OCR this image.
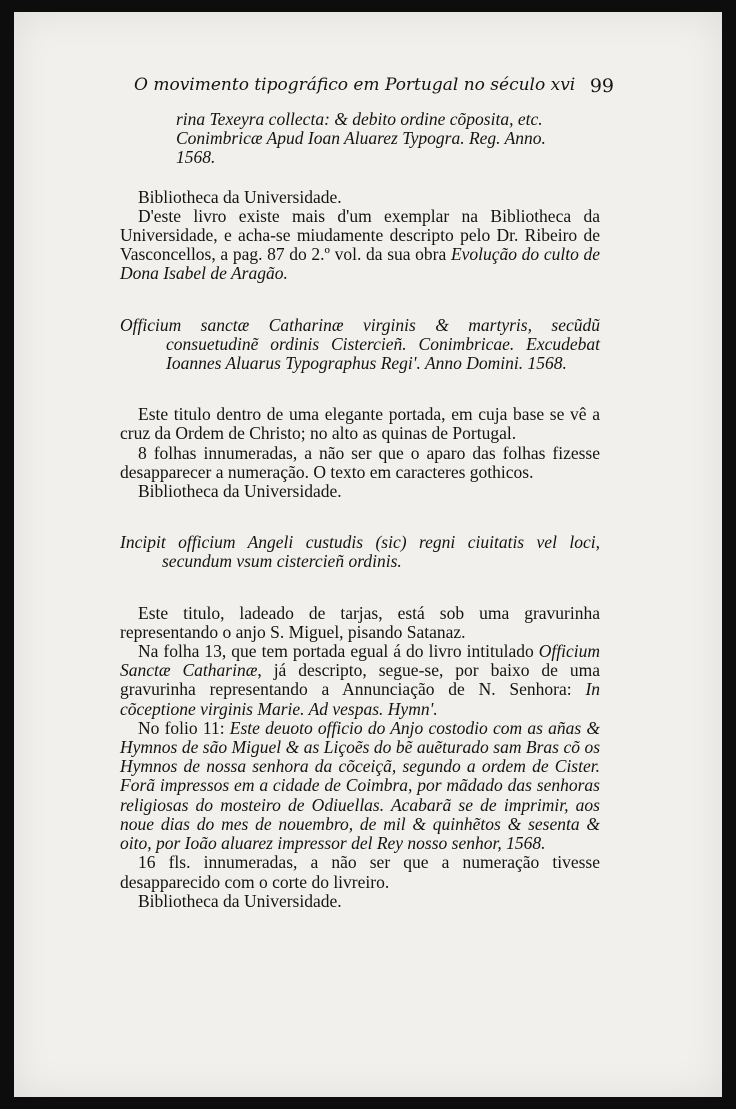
O movimento tipográfico em Portugal no século xvi 99

rina Texeyra collecta: & debito ordine cõposita, etc.

Conimbricæ Apud Ioan Aluarez Typogra. Reg. Anno.

1568.

Bibliotheca da Universidade.

D'este livro existe mais d'um exemplar na Bibliotheca da Universidade, e acha-se miudamente descripto pelo Dr. Ribeiro de Vasconcellos, a pag. 87 do 2.º vol. da sua obra Evolução do culto de Dona Isabel de Aragão.

Officium sanctæ Catharinæ virginis & martyris, secũdũ consuetudinẽ ordinis Cistercieñ. Conimbricae. Excudebat Ioannes Aluarus Typographus Regi'. Anno Domini. 1568.

Este titulo dentro de uma elegante portada, em cuja base se vê a cruz da Ordem de Christo; no alto as quinas de Portugal.

8 folhas innumeradas, a não ser que o aparo das folhas fizesse desapparecer a numeração. O texto em caracteres gothicos.

Bibliotheca da Universidade.

Incipit officium Angeli custudis (sic) regni ciuitatis vel loci, secundum vsum cistercieñ ordinis.

Este titulo, ladeado de tarjas, está sob uma gravurinha representando o anjo S. Miguel, pisando Satanaz.

Na folha 13, que tem portada egual á do livro intitulado Officium Sanctæ Catharinæ, já descripto, segue-se, por baixo de uma gravurinha representando a Annunciação de N. Senhora: In cõceptione virginis Marie. Ad vespas. Hymn'.

No folio 11: Este deuoto officio do Anjo costodio com as añas & Hymnos de são Miguel & as Liçoẽs do bẽ auẽturado sam Bras cõ os Hymnos de nossa senhora da cõceiçã, segundo a ordem de Cister. Forã impressos em a cidade de Coimbra, por mãdado das senhoras religiosas do mosteiro de Odiuellas. Acabarã se de imprimir, aos noue dias do mes de nouembro, de mil & quinhẽtos & sesenta & oito, por Ioão aluarez impressor del Rey nosso senhor, 1568.

16 fls. innumeradas, a não ser que a numeração tivesse desapparecido com o corte do livreiro.

Bibliotheca da Universidade.
